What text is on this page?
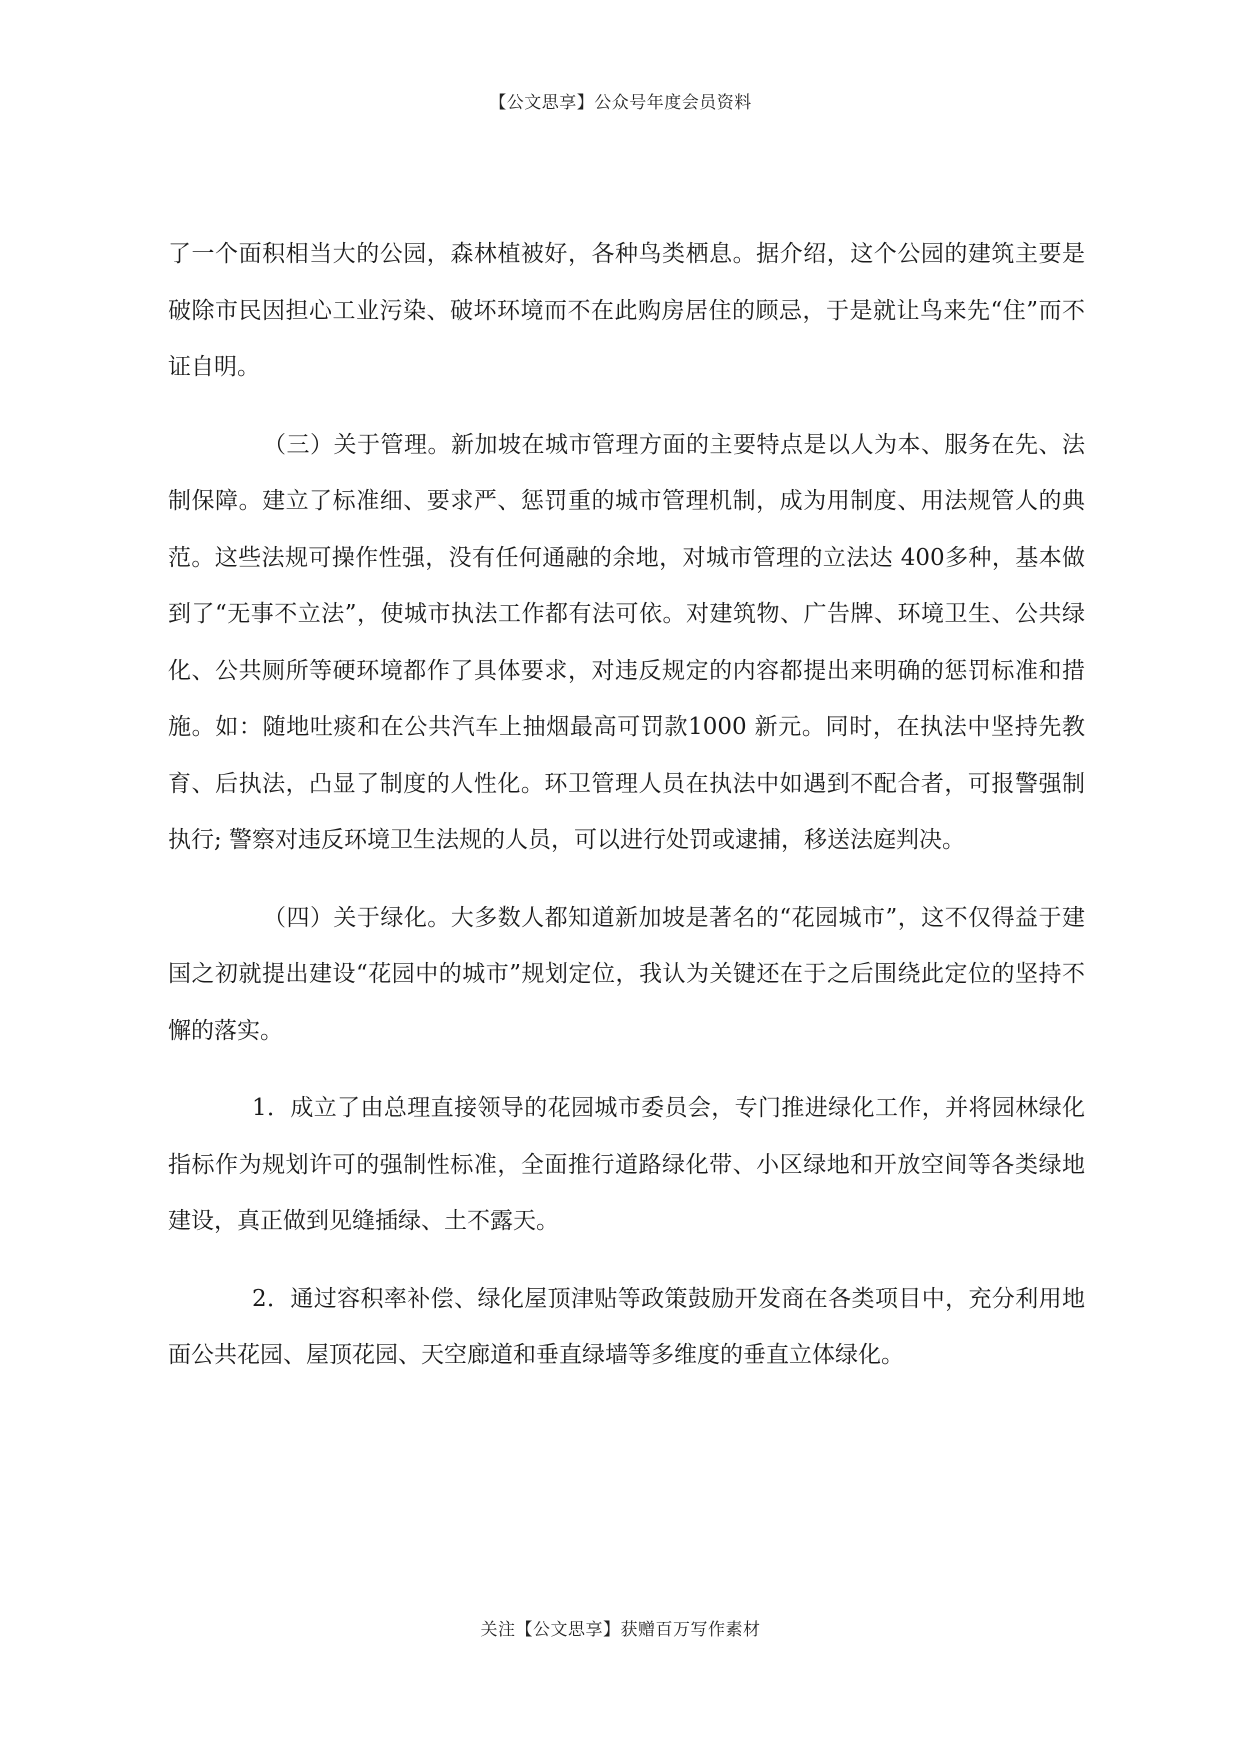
【公文思享】公众号年度会员资料

了一个面积相当大的公园，森林植被好，各种鸟类栖息。据介绍，这个公园的建筑主要是破除市民因担心工业污染、破坏环境而不在此购房居住的顾忌，于是就让鸟来先“住”而不证自明。

（三）关于管理。新加坡在城市管理方面的主要特点是以人为本、服务在先、法制保障。建立了标准细、要求严、惩罚重的城市管理机制，成为用制度、用法规管人的典范。这些法规可操作性强，没有任何通融的余地，对城市管理的立法达 400多种，基本做到了“无事不立法”，使城市执法工作都有法可依。对建筑物、广告牌、环境卫生、公共绿化、公共厕所等硬环境都作了具体要求，对违反规定的内容都提出来明确的惩罚标准和措施。如：随地吐痰和在公共汽车上抽烟最高可罚款1000 新元。同时，在执法中坚持先教育、后执法，凸显了制度的人性化。环卫管理人员在执法中如遇到不配合者，可报警强制执行; 警察对违反环境卫生法规的人员，可以进行处罚或逮捕，移送法庭判决。

（四）关于绿化。大多数人都知道新加坡是著名的“花园城市”，这不仅得益于建国之初就提出建设“花园中的城市”规划定位，我认为关键还在于之后围绕此定位的坚持不懈的落实。

1．成立了由总理直接领导的花园城市委员会，专门推进绿化工作，并将园林绿化指标作为规划许可的强制性标准，全面推行道路绿化带、小区绿地和开放空间等各类绿地建设，真正做到见缝插绿、土不露天。

2．通过容积率补偿、绿化屋顶津贴等政策鼓励开发商在各类项目中，充分利用地面公共花园、屋顶花园、天空廊道和垂直绿墙等多维度的垂直立体绿化。

关注【公文思享】获赠百万写作素材
